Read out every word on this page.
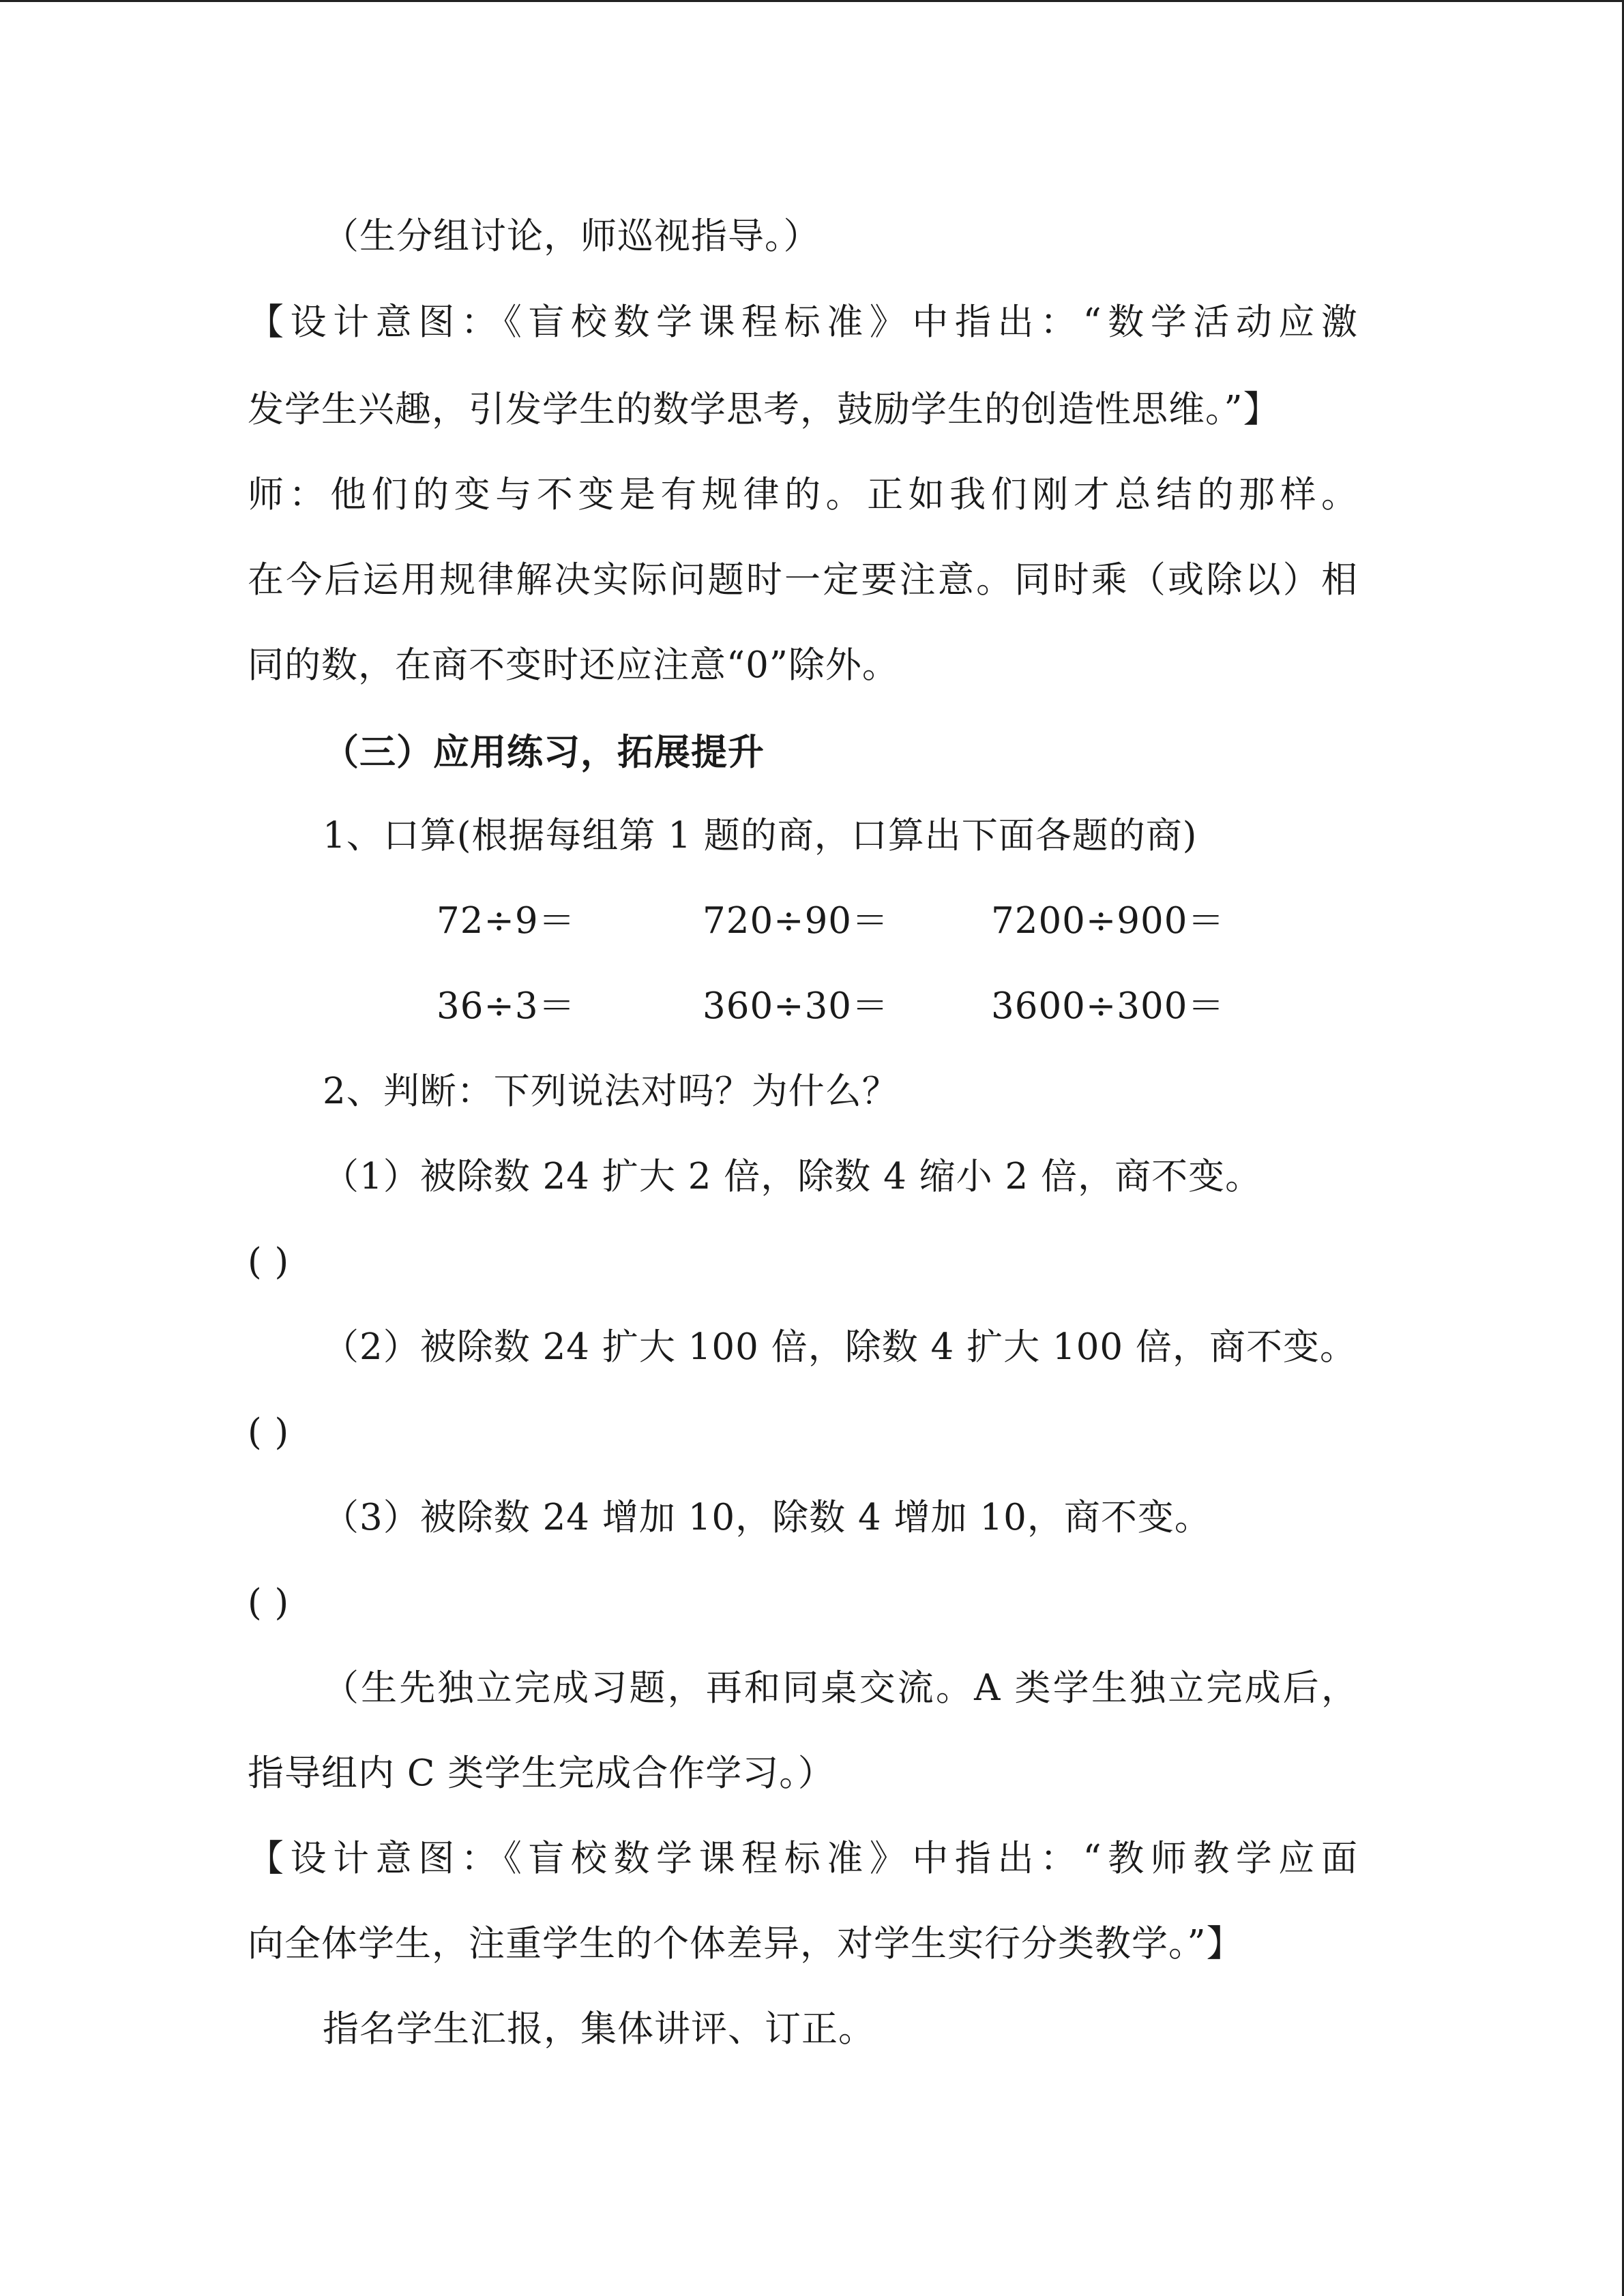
（生分组讨论，师巡视指导。）
【设计意图：《盲校数学课程标准》中指出：“数学活动应激
发学生兴趣，引发学生的数学思考，鼓励学生的创造性思维。”】
师：他们的变与不变是有规律的。正如我们刚才总结的那样。
在今后运用规律解决实际问题时一定要注意。同时乘（或除以）相
同的数，在商不变时还应注意“0”除外。
（三）应用练习，拓展提升
1、口算(根据每组第 1 题的商，口算出下面各题的商)
72÷9＝	720÷90＝	7200÷900＝
36÷3＝	360÷30＝	3600÷300＝
2、判断：下列说法对吗？为什么？
（1）被除数 24 扩大 2 倍，除数 4 缩小 2 倍，商不变。
( )
（2）被除数 24 扩大 100 倍，除数 4 扩大 100 倍，商不变。
( )
（3）被除数 24 增加 10，除数 4 增加 10，商不变。
( )
（生先独立完成习题，再和同桌交流。A 类学生独立完成后，
指导组内 C 类学生完成合作学习。）
【设计意图：《盲校数学课程标准》中指出：“教师教学应面
向全体学生，注重学生的个体差异，对学生实行分类教学。”】
指名学生汇报，集体讲评、订正。
